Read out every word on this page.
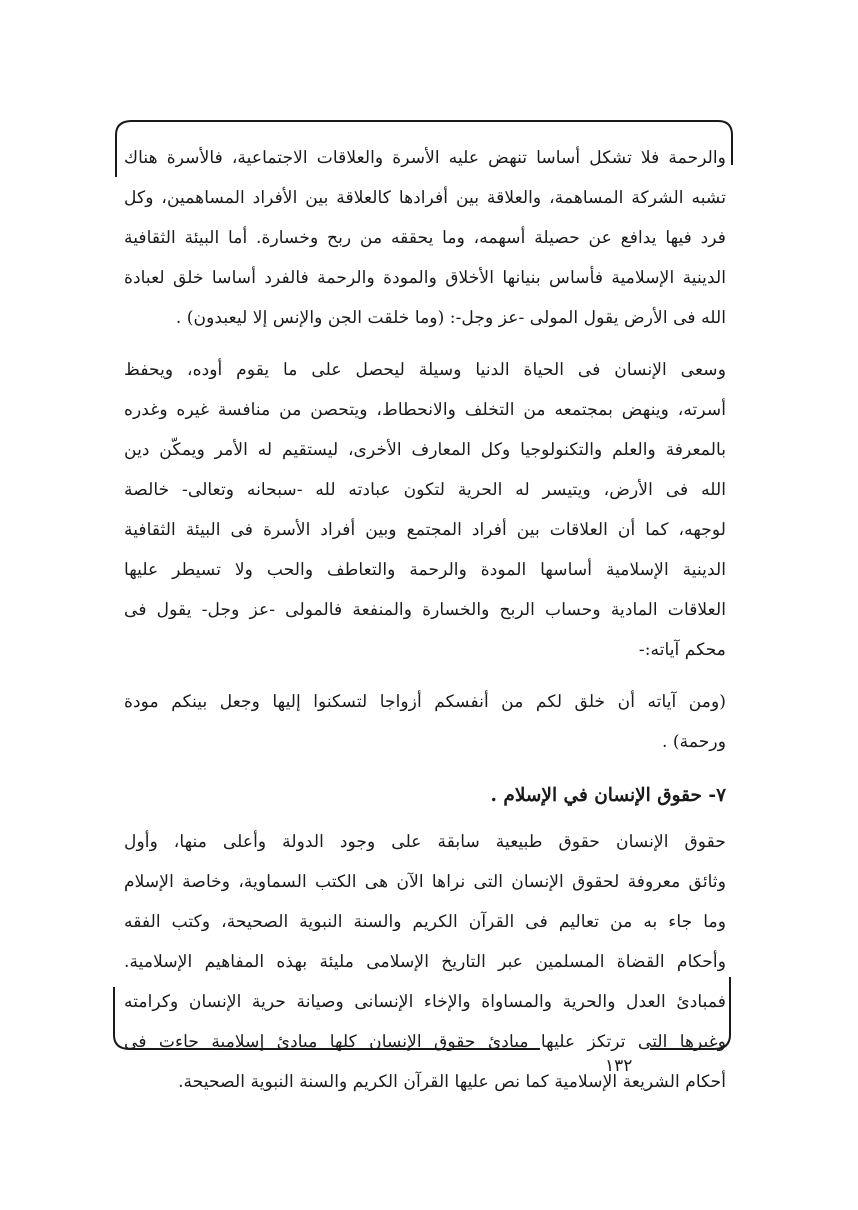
والرحمة فلا تشكل أساسا تنهض عليه الأسرة والعلاقات الاجتماعية، فالأسرة هناك
تشبه الشركة المساهمة، والعلاقة بين أفرادها كالعلاقة بين الأفراد المساهمين، وكل
فرد فيها يدافع عن حصيلة أسهمه، وما يحققه من ربح وخسارة. أما البيئة الثقافية
الدينية الإسلامية فأساس بنيانها الأخلاق والمودة والرحمة فالفرد أساسا خلق لعبادة
الله فى الأرض يقول المولى -عز وجل-: (وما خلقت الجن والإنس إلا ليعبدون) .

وسعى الإنسان فى الحياة الدنيا وسيلة ليحصل على ما يقوم أوده، ويحفظ
أسرته، وينهض بمجتمعه من التخلف والانحطاط، ويتحصن من منافسة غيره وغدره
بالمعرفة والعلم والتكنولوجيا وكل المعارف الأخرى، ليستقيم له الأمر ويمكّن دين
الله فى الأرض، ويتيسر له الحرية لتكون عبادته لله -سبحانه وتعالى- خالصة
لوجهه، كما أن العلاقات بين أفراد المجتمع وبين أفراد الأسرة فى البيئة الثقافية
الدينية الإسلامية أساسها المودة والرحمة والتعاطف والحب ولا تسيطر عليها
العلاقات المادية وحساب الربح والخسارة والمنفعة فالمولى -عز وجل- يقول فى
محكم آياته:-

(ومن آياته أن خلق لكم من أنفسكم أزواجا لتسكنوا إليها وجعل بينكم مودة
ورحمة) .

٧- حقوق الإنسان في الإسلام .

حقوق الإنسان حقوق طبيعية سابقة على وجود الدولة وأعلى منها، وأول
وثائق معروفة لحقوق الإنسان التى نراها الآن هى الكتب السماوية، وخاصة الإسلام
وما جاء به من تعاليم فى القرآن الكريم والسنة النبوية الصحيحة، وكتب الفقه
وأحكام القضاة المسلمين عبر التاريخ الإسلامى مليئة بهذه المفاهيم الإسلامية.
فمبادئ العدل والحرية والمساواة والإخاء الإنسانى وصيانة حرية الإنسان وكرامته
وغيرها التى ترتكز عليها مبادئ حقوق الإنسان كلها مبادئ إسلامية جاءت فى
أحكام الشريعة الإسلامية كما نص عليها القرآن الكريم والسنة النبوية الصحيحة.

١٣٢
